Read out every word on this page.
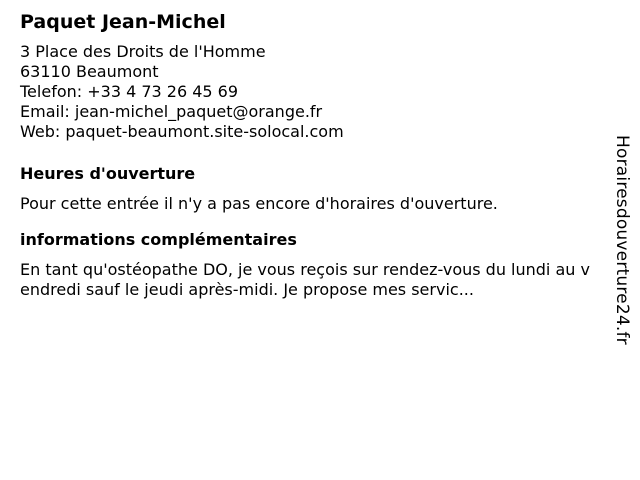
Paquet Jean-Michel
3 Place des Droits de l'Homme
63110 Beaumont
Telefon: +33 4 73 26 45 69
Email: jean-michel_paquet@orange.fr
Web: paquet-beaumont.site-solocal.com
Heures d'ouverture
Pour cette entrée il n'y a pas encore d'horaires d'ouverture.
informations complémentaires
En tant qu'ostéopathe DO, je vous reçois sur rendez-vous du lundi au vendredi sauf le jeudi après-midi. Je propose mes servic...	Horairesdouverture24.fr
